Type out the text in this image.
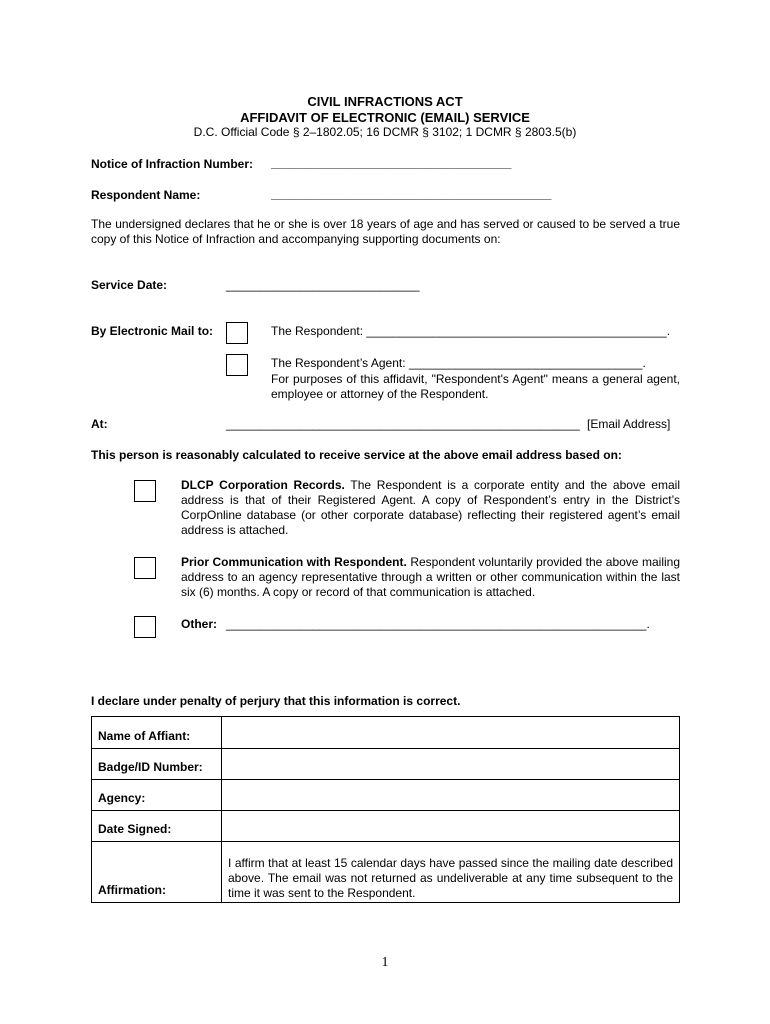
CIVIL INFRACTIONS ACT
AFFIDAVIT OF ELECTRONIC (EMAIL) SERVICE
D.C. Official Code § 2–1802.05; 16 DCMR § 3102; 1 DCMR § 2803.5(b)
Notice of Infraction Number: ____________________________________
Respondent Name:	__________________________________________
The undersigned declares that he or she is over 18 years of age and has served or caused to be served a true copy of this Notice of Infraction and accompanying supporting documents on:
Service Date:	_____________________________
By Electronic Mail to:	The Respondent: _____________________________________________.
The Respondent’s Agent: ___________________________________.
For purposes of this affidavit, "Respondent's Agent" means a general agent, employee or attorney of the Respondent.
At:	_____________________________________________________ [Email Address]
This person is reasonably calculated to receive service at the above email address based on:
DLCP Corporation Records. The Respondent is a corporate entity and the above email address is that of their Registered Agent. A copy of Respondent’s entry in the District’s CorpOnline database (or other corporate database) reflecting their registered agent’s email address is attached.
Prior Communication with Respondent. Respondent voluntarily provided the above mailing address to an agency representative through a written or other communication within the last six (6) months. A copy or record of that communication is attached.
Other: _______________________________________________________________.
I declare under penalty of perjury that this information is correct.
Name of Affiant:	
Badge/ID Number:	
Agency:	
Date Signed:	
Affirmation:	I affirm that at least 15 calendar days have passed since the mailing date described above. The email was not returned as undeliverable at any time subsequent to the time it was sent to the Respondent.
1
